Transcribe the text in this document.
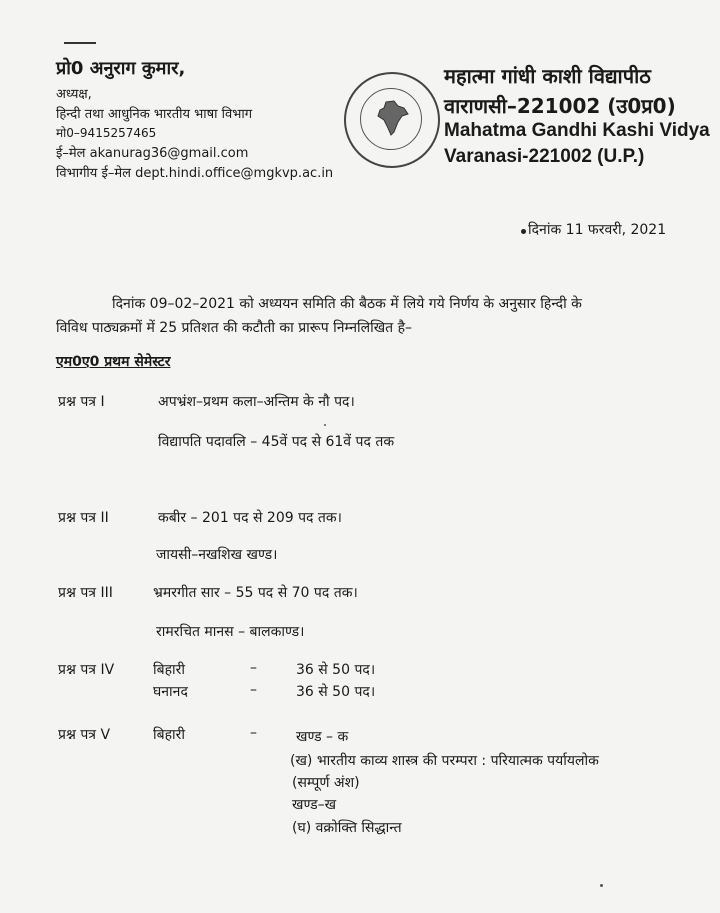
प्रो0 अनुराग कुमार,
अध्यक्ष,
हिन्दी तथा आधुनिक भारतीय भाषा विभाग
मो0–9415257465
ई–मेल akanurag36@gmail.com
विभागीय ई–मेल dept.hindi.office@mgkvp.ac.in
महात्मा गांधी काशी विद्यापीठ
वाराणसी–221002 (उ0प्र0)
Mahatma Gandhi Kashi Vidya
Varanasi-221002 (U.P.)
दिनांक 11 फरवरी, 2021
दिनांक 09–02–2021 को अध्ययन समिति की बैठक में लिये गये निर्णय के अनुसार हिन्दी के
विविध पाठ्यक्रमों में 25 प्रतिशत की कटौती का प्रारूप निम्नलिखित है–
एम0ए0 प्रथम सेमेस्टर
प्रश्न पत्र I	अपभ्रंश–प्रथम कला–अन्तिम के नौ पद।
विद्यापति पदावलि – 45वें पद से 61वें पद तक
प्रश्न पत्र II	कबीर – 201 पद से 209 पद तक।
जायसी–नखशिख खण्ड।
प्रश्न पत्र III	भ्रमरगीत सार – 55 पद से 70 पद तक।
रामरचित मानस – बालकाण्ड।
प्रश्न पत्र IV	बिहारी	–	36 से 50 पद।
घनानद	–	36 से 50 पद।
प्रश्न पत्र V	बिहारी	–	खण्ड – क
(ख) भारतीय काव्य शास्त्र की परम्परा : परियात्मक पर्यायलोक
(सम्पूर्ण अंश)
खण्ड–ख
(घ) वक्रोक्ति सिद्धान्त
